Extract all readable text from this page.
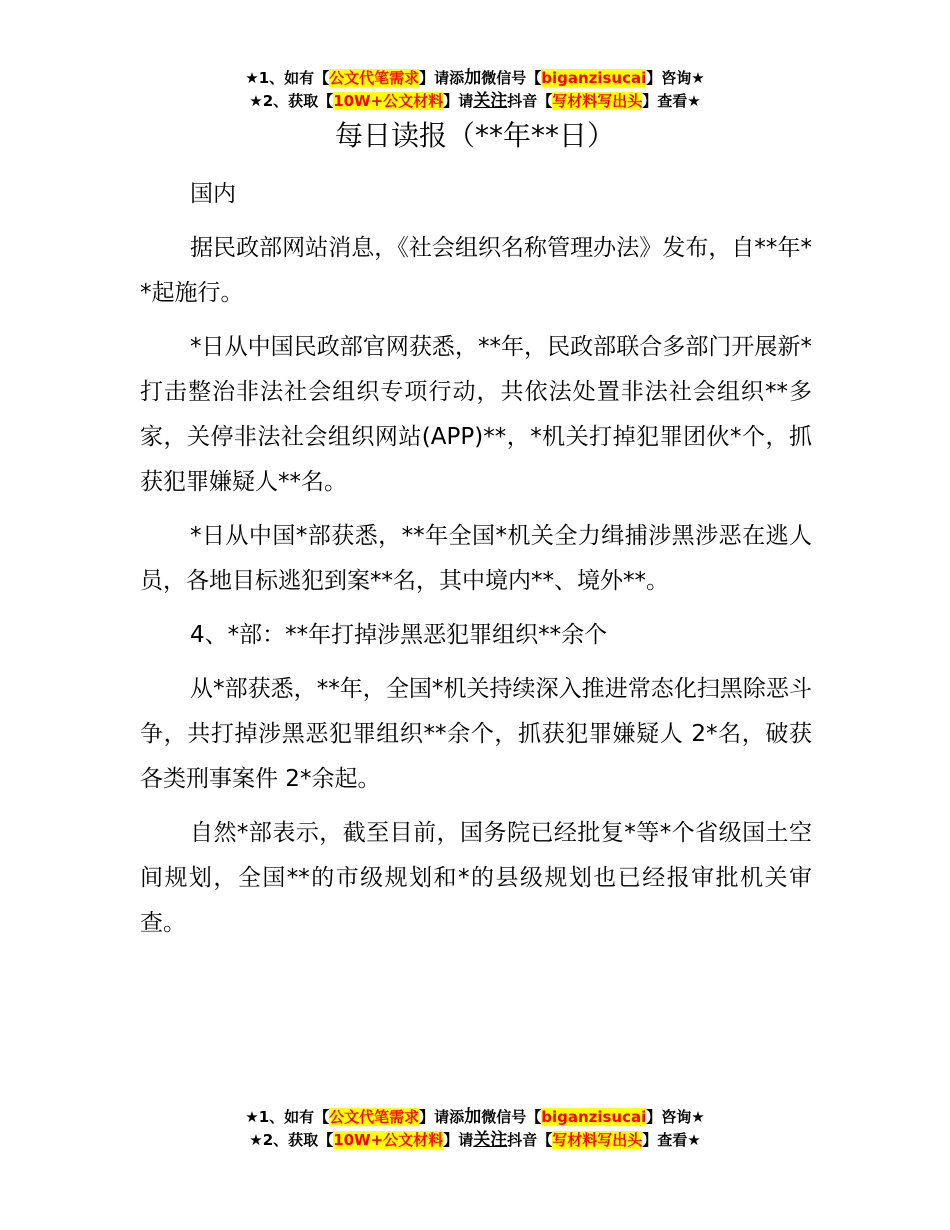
★1、如有【公文代笔需求】请添加微信号【biganzisucai】咨询★
★2、获取【10W+公文材料】请关注抖音【写材料写出头】查看★
每日读报（**年**日）

国内

据民政部网站消息，《社会组织名称管理办法》发布，自**年**起施行。

*日从中国民政部官网获悉，**年，民政部联合多部门开展新*打击整治非法社会组织专项行动，共依法处置非法社会组织**多家，关停非法社会组织网站(APP)**，*机关打掉犯罪团伙*个，抓获犯罪嫌疑人**名。

*日从中国*部获悉，**年全国*机关全力缉捕涉黑涉恶在逃人员，各地目标逃犯到案**名，其中境内**、境外**。

4、*部：**年打掉涉黑恶犯罪组织**余个

从*部获悉，**年，全国*机关持续深入推进常态化扫黑除恶斗争，共打掉涉黑恶犯罪组织**余个，抓获犯罪嫌疑人 2*名，破获各类刑事案件 2*余起。

自然*部表示，截至目前，国务院已经批复*等*个省级国土空间规划，全国**的市级规划和*的县级规划也已经报审批机关审查。

★1、如有【公文代笔需求】请添加微信号【biganzisucai】咨询★
★2、获取【10W+公文材料】请关注抖音【写材料写出头】查看★
